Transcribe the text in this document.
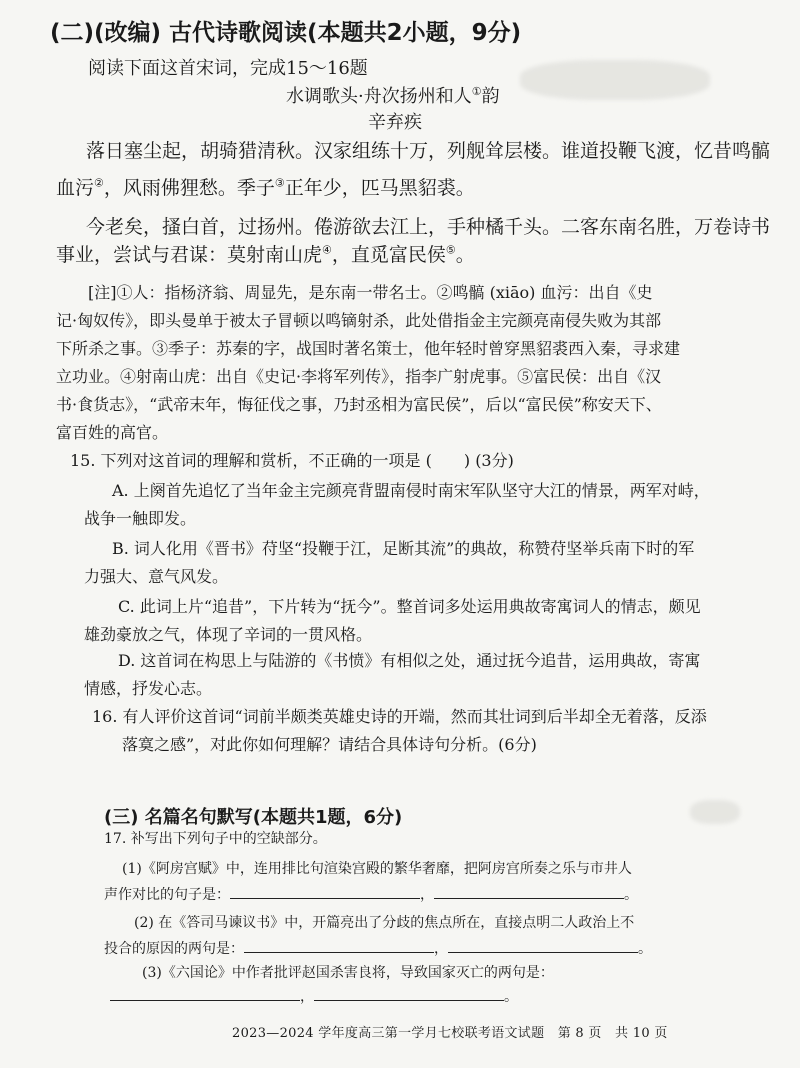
(二)(改编) 古代诗歌阅读(本题共2小题，9分)
阅读下面这首宋词，完成15～16题
水调歌头·舟次扬州和人①韵
辛弃疾
落日塞尘起，胡骑猎清秋。汉家组练十万，列舰耸层楼。谁道投鞭飞渡，忆昔鸣髇
血污②，风雨佛狸愁。季子③正年少，匹马黑貂裘。
今老矣，搔白首，过扬州。倦游欲去江上，手种橘千头。二客东南名胜，万卷诗书
事业，尝试与君谋：莫射南山虎④，直觅富民侯⑤。
[注]①人：指杨济翁、周显先，是东南一带名士。②鸣髇 (xiāo) 血污：出自《史
记·匈奴传》，即头曼单于被太子冒顿以鸣镝射杀，此处借指金主完颜亮南侵失败为其部
下所杀之事。③季子：苏秦的字，战国时著名策士，他年轻时曾穿黑貂裘西入秦，寻求建
立功业。④射南山虎：出自《史记·李将军列传》，指李广射虎事。⑤富民侯：出自《汉
书·食货志》，“武帝末年，悔征伐之事，乃封丞相为富民侯”，后以“富民侯”称安天下、
富百姓的高官。
15. 下列对这首词的理解和赏析，不正确的一项是 (　　) (3分)
A. 上阕首先追忆了当年金主完颜亮背盟南侵时南宋军队坚守大江的情景，两军对峙，
战争一触即发。
B. 词人化用《晋书》苻坚“投鞭于江，足断其流”的典故，称赞苻坚举兵南下时的军
力强大、意气风发。
C. 此词上片“追昔”，下片转为“抚今”。整首词多处运用典故寄寓词人的情志，颇见
雄劲豪放之气，体现了辛词的一贯风格。
D. 这首词在构思上与陆游的《书愤》有相似之处，通过抚今追昔，运用典故，寄寓
情感，抒发心志。
16. 有人评价这首词“词前半颇类英雄史诗的开端，然而其壮词到后半却全无着落，反添
落寞之感”，对此你如何理解？请结合具体诗句分析。(6分)
(三) 名篇名句默写(本题共1题，6分)
17. 补写出下列句子中的空缺部分。
(1)《阿房宫赋》中，连用排比句渲染宫殿的繁华奢靡，把阿房宫所奏之乐与市井人
声作对比的句子是：	，	。
(2) 在《答司马谏议书》中，开篇亮出了分歧的焦点所在，直接点明二人政治上不
投合的原因的两句是：	，	。
(3)《六国论》中作者批评赵国杀害良将，导致国家灭亡的两句是：
，	。
2023—2024 学年度高三第一学月七校联考语文试题　第 8 页　共 10 页
